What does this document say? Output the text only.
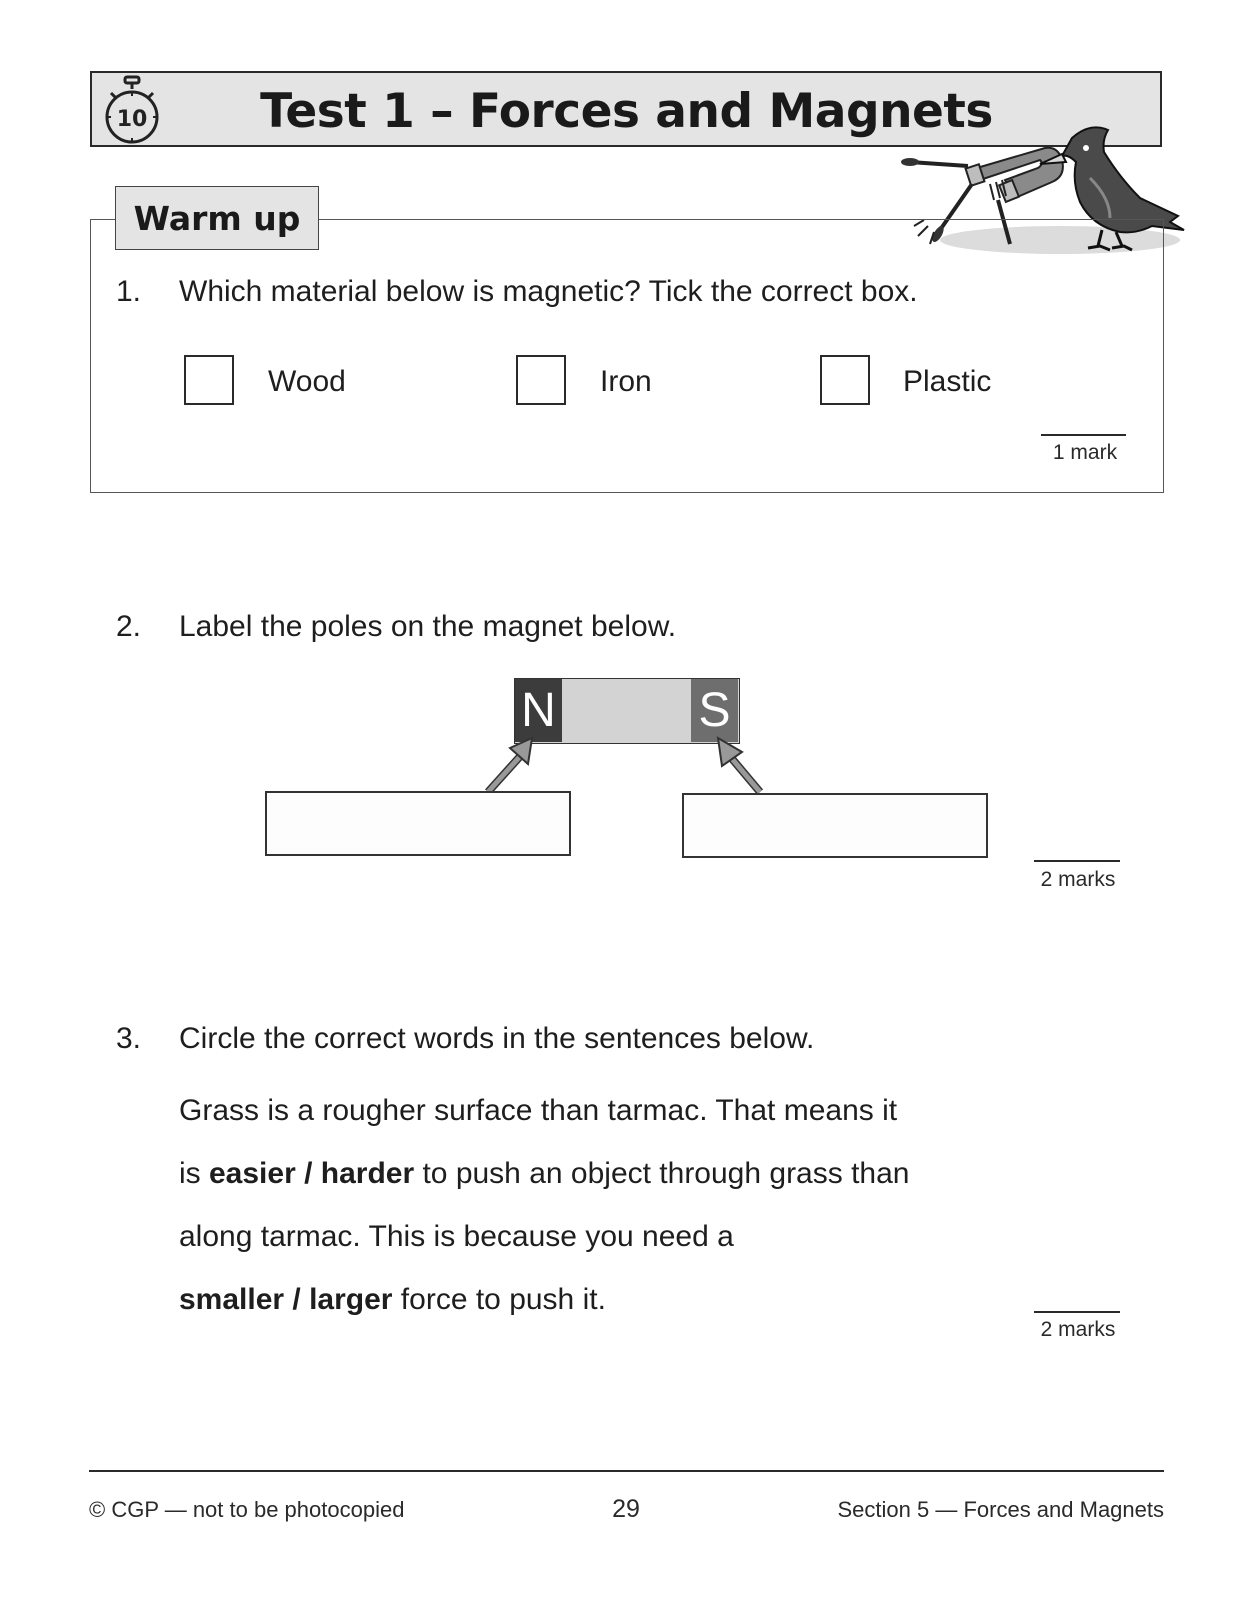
10	Test 1 – Forces and Magnets
Warm up
1. Which material below is magnetic? Tick the correct box.
Wood	Iron	Plastic
1 mark
2. Label the poles on the magnet below.
N	S
2 marks
3. Circle the correct words in the sentences below.
Grass is a rougher surface than tarmac. That means it
is easier / harder to push an object through grass than
along tarmac. This is because you need a
smaller / larger force to push it.
2 marks
© CGP — not to be photocopied	29	Section 5 — Forces and Magnets
